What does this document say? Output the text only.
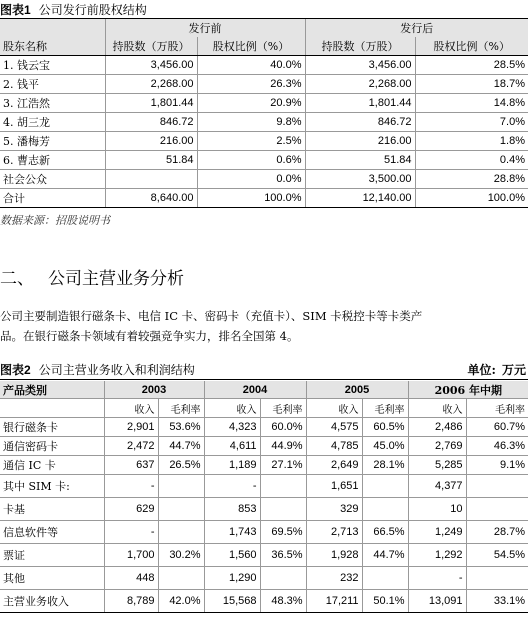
图表1 公司发行前股权结构
	发行前		发行后	
股东名称	持股数（万股）	股权比例（%）	持股数（万股）	股权比例（%）
1. 钱云宝	3,456.00	40.0%	3,456.00	28.5%
2. 钱平	2,268.00	26.3%	2,268.00	18.7%
3. 江浩然	1,801.44	20.9%	1,801.44	14.8%
4. 胡三龙	846.72	9.8%	846.72	7.0%
5. 潘梅芳	216.00	2.5%	216.00	1.8%
6. 曹志新	51.84	0.6%	51.84	0.4%
社会公众		0.0%	3,500.00	28.8%
合计	8,640.00	100.0%	12,140.00	100.0%
数据来源：招股说明书
二、 公司主营业务分析
公司主要制造银行磁条卡、电信 IC 卡、密码卡（充值卡）、SIM 卡税控卡等卡类产
品。在银行磁条卡领域有着较强竞争实力，排名全国第 4。
图表2 公司主营业务收入和利润结构	单位: 万元
产品类别	2003		2004		2005		2006 年中期	
	收入	毛利率	收入	毛利率	收入	毛利率	收入	毛利率
银行磁条卡	2,901	53.6%	4,323	60.0%	4,575	60.5%	2,486	60.7%
通信密码卡	2,472	44.7%	4,611	44.9%	4,785	45.0%	2,769	46.3%
通信 IC 卡	637	26.5%	1,189	27.1%	2,649	28.1%	5,285	9.1%
其中 SIM 卡:	-		-		1,651		4,377	
卡基	629		853		329		10	
信息软件等	-		1,743	69.5%	2,713	66.5%	1,249	28.7%
票证	1,700	30.2%	1,560	36.5%	1,928	44.7%	1,292	54.5%
其他	448		1,290		232		-	
主营业务收入	8,789	42.0%	15,568	48.3%	17,211	50.1%	13,091	33.1%
